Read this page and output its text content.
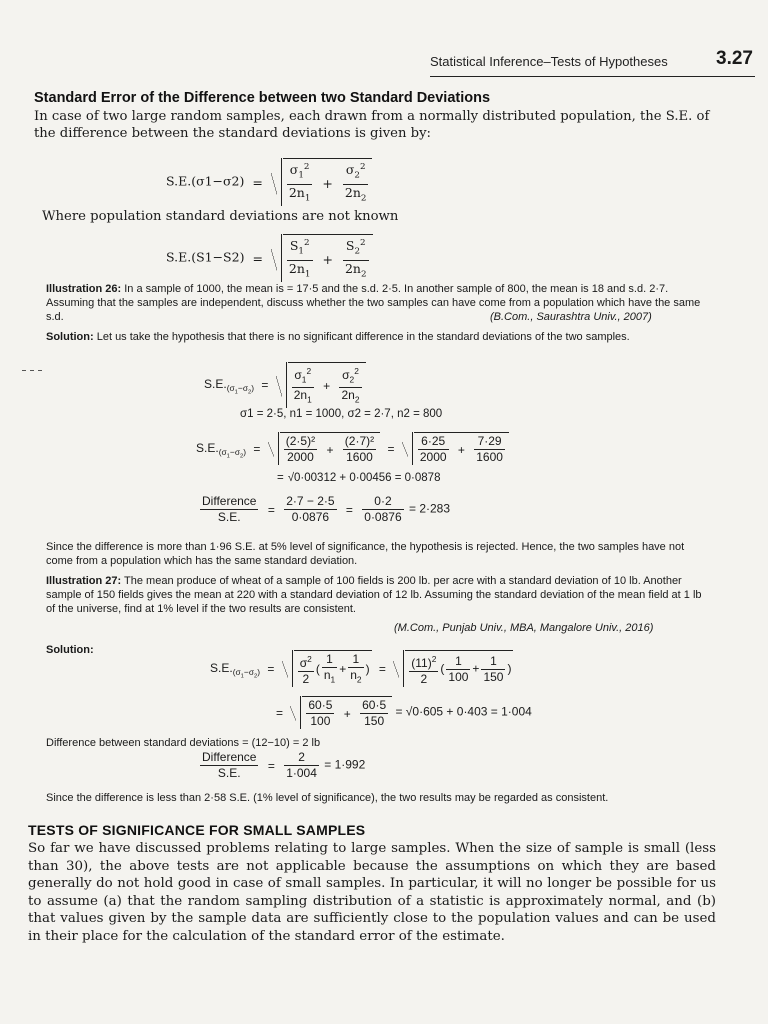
Statistical Inference–Tests of Hypotheses	3.27
Standard Error of the Difference between two Standard Deviations
In case of two large random samples, each drawn from a normally distributed population, the S.E. of the difference between the standard deviations is given by:
$S.E.(\sigma 1-\sigma 2) = \frac{\sigma_1^2}{2n_1} + \frac{\sigma_2^2}{2n_2}$
Where population standard deviations are not known
$S.E.(S1-S2) = \frac{S_1^2}{2n_1} + \frac{S_2^2}{2n_2}$
Illustration 26: In a sample of 1000, the mean is = 17·5 and the s.d. 2·5. In another sample of 800, the mean is 18 and s.d. 2·7. Assuming that the samples are independent, discuss whether the two samples can have come from a population which have the same s.d.	(B.Com., Saurashtra Univ., 2007)
Solution: Let us take the hypothesis that there is no significant difference in the standard deviations of the two samples.
$S.E._{(\sigma_1-\sigma_2)} = \frac{\sigma_1^2}{2n_1} + \frac{\sigma_2^2}{2n_2}$
σ1 = 2·5, n1 = 1000, σ2 = 2·7, n2 = 800
$S.E._{(\sigma_1-\sigma_2)} = \frac{\text{(2·5)²}}{2000} + \frac{\text{(2·7)²}}{1600} = \frac{6\cdot 25}{2000} + \frac{7\cdot 29}{1600}$
= √0·00312 + 0·00456 = 0·0878
$\frac{\text{Difference}}{S.E.} = \frac{2\cdot 7 - 2\cdot 5}{0\cdot 0876} = \frac{0\cdot 2}{0\cdot 0876} = 2\cdot 283$
Since the difference is more than 1·96 S.E. at 5% level of significance, the hypothesis is rejected. Hence, the two samples have not come from a population which has the same standard deviation.
Illustration 27: The mean produce of wheat of a sample of 100 fields is 200 lb. per acre with a standard deviation of 10 lb. Another sample of 150 fields gives the mean at 220 with a standard deviation of 12 lb. Assuming the standard deviation of the mean field at 1 lb of the universe, find at 1% level if the two results are consistent.
(M.Com., Punjab Univ., MBA, Mangalore Univ., 2016)
Solution:
$S.E._{(\sigma_1-\sigma_2)} = \frac{\sigma^2}{2}$ ( $\frac{1}{n_1} + \frac{1}{n_2}$ ) = $\frac{(11)^2}{2}$ ( $\frac{1}{100} + \frac{1}{150}$ )
= $\frac{60\cdot 5}{100} + \frac{60\cdot 5}{150} = √0\cdot 605 + 0\cdot 403 = 1\cdot 004$
Difference between standard deviations = (12−10) = 2 lb
$\frac{\text{Difference}}{S.E.} = \frac{2}{1\cdot 004} = 1\cdot 992$
Since the difference is less than 2·58 S.E. (1% level of significance), the two results may be regarded as consistent.
TESTS OF SIGNIFICANCE FOR SMALL SAMPLES
So far we have discussed problems relating to large samples. When the size of sample is small (less than 30), the above tests are not applicable because the assumptions on which they are based generally do not hold good in case of small samples. In particular, it will no longer be possible for us to assume (a) that the random sampling distribution of a statistic is approximately normal, and (b) that values given by the sample data are sufficiently close to the population values and can be used in their place for the calculation of the standard error of the estimate.
